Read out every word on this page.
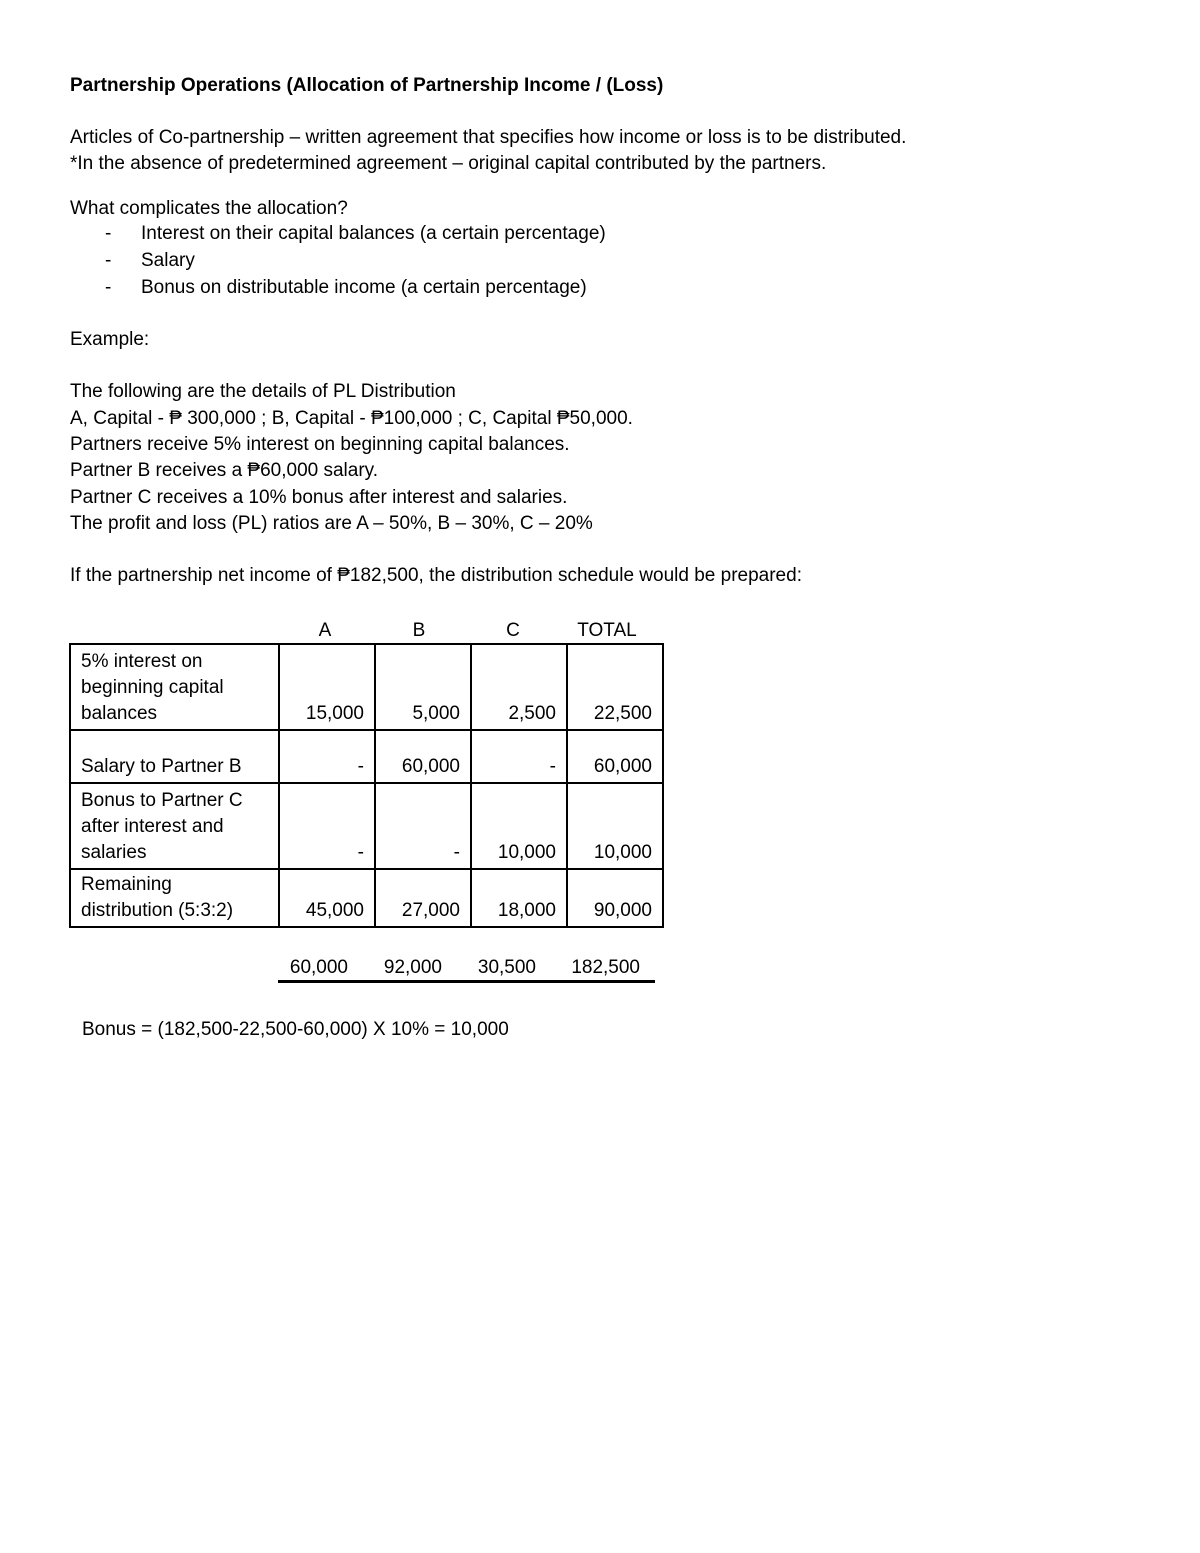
Partnership Operations (Allocation of Partnership Income / (Loss)
Articles of Co-partnership – written agreement that specifies how income or loss is to be distributed.
*In the absence of predetermined agreement – original capital contributed by the partners.
What complicates the allocation?
- Interest on their capital balances (a certain percentage)
- Salary
- Bonus on distributable income (a certain percentage)
Example:
The following are the details of PL Distribution
A, Capital - ₱ 300,000 ; B, Capital - ₱100,000 ; C, Capital ₱50,000.
Partners receive 5% interest on beginning capital balances.
Partner B receives a ₱60,000 salary.
Partner C receives a 10% bonus after interest and salaries.
The profit and loss (PL) ratios are A – 50%, B – 30%, C – 20%
If the partnership net income of ₱182,500, the distribution schedule would be prepared:
A	B	C	TOTAL
5% interest on
beginning capital
balances	15,000	5,000	2,500	22,500

Salary to Partner B	-	60,000	-	60,000

Bonus to Partner C
after interest and
salaries	-	-	10,000	10,000

Remaining
distribution (5:3:2)	45,000	27,000	18,000	90,000
60,000	92,000	30,500	182,500
Bonus = (182,500-22,500-60,000) X 10% = 10,000
